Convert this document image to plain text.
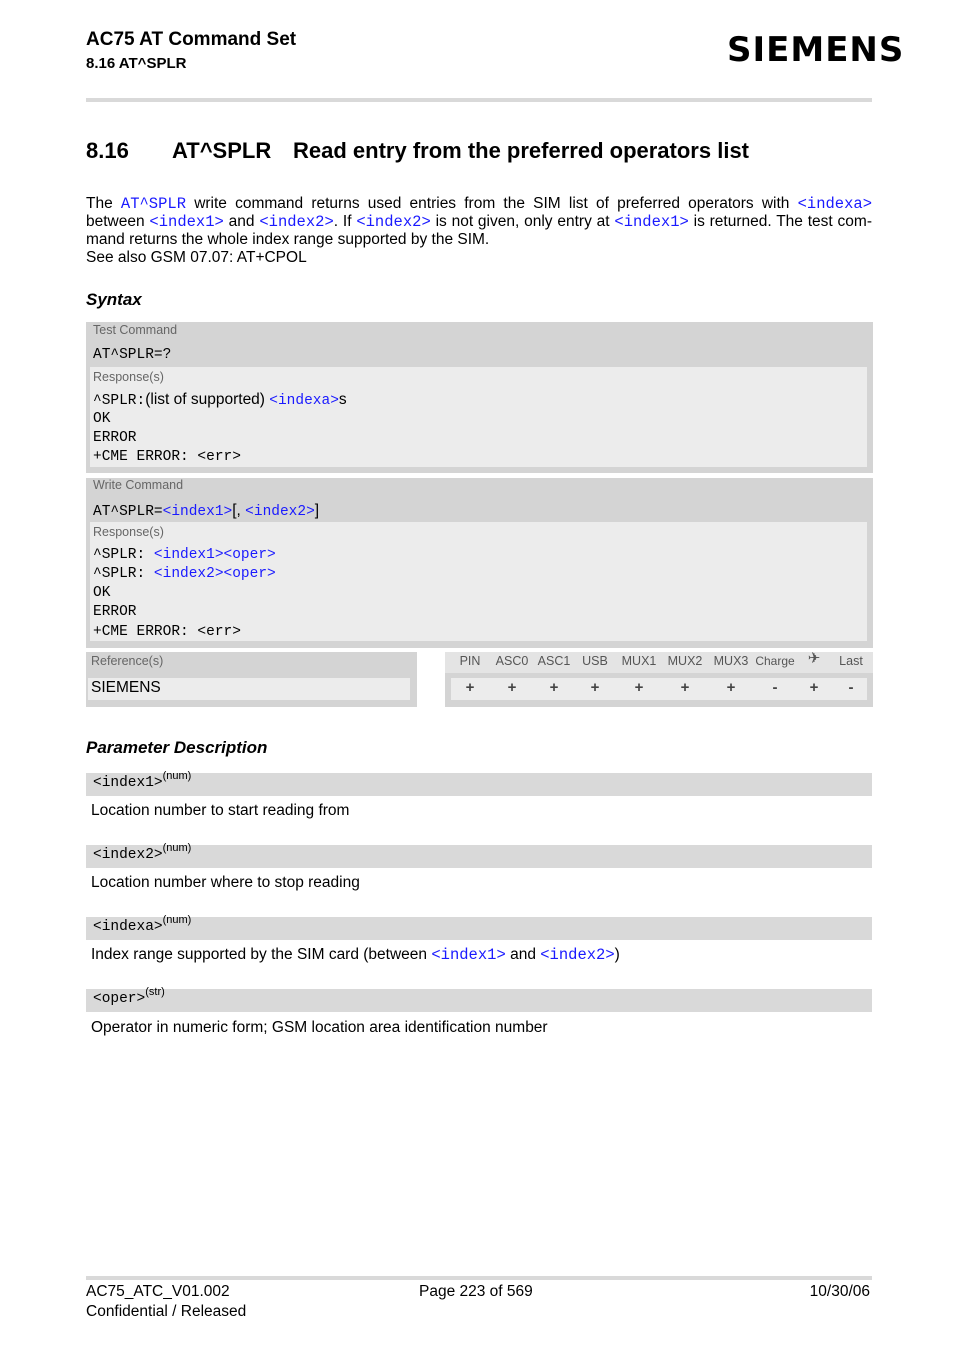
AC75 AT Command Set
8.16 AT^SPLR	SIEMENS
8.16 AT^SPLR Read entry from the preferred operators list
The AT^SPLR write command returns used entries from the SIM list of preferred operators with <indexa>
between <index1> and <index2>. If <index2> is not given, only entry at <index1> is returned. The test com-
mand returns the whole index range supported by the SIM.
See also GSM 07.07: AT+CPOL
Syntax
Test Command
AT^SPLR=?
Response(s)
^SPLR:(list of supported) <indexa>s
OK
ERROR
+CME ERROR: <err>
Write Command
AT^SPLR=<index1>[, <index2>]
Response(s)
^SPLR: <index1><oper>
^SPLR: <index2><oper>
OK
ERROR
+CME ERROR: <err>
Reference(s)
SIEMENS
PIN	ASC0 ASC1 USB	MUX1 MUX2 MUX3 Charge ✈	Last
+	+	+	+	+	+	+	-	+	-
Parameter Description
<index1>$^{(num)}$
Location number to start reading from
<index2>$^{(num)}$
Location number where to stop reading
<indexa>$^{(num)}$
Index range supported by the SIM card (between <index1> and <index2>)
<oper>$^{(str)}$
Operator in numeric form; GSM location area identification number
AC75_ATC_V01.002
Confidential / Released
Page 223 of 569	10/30/06
